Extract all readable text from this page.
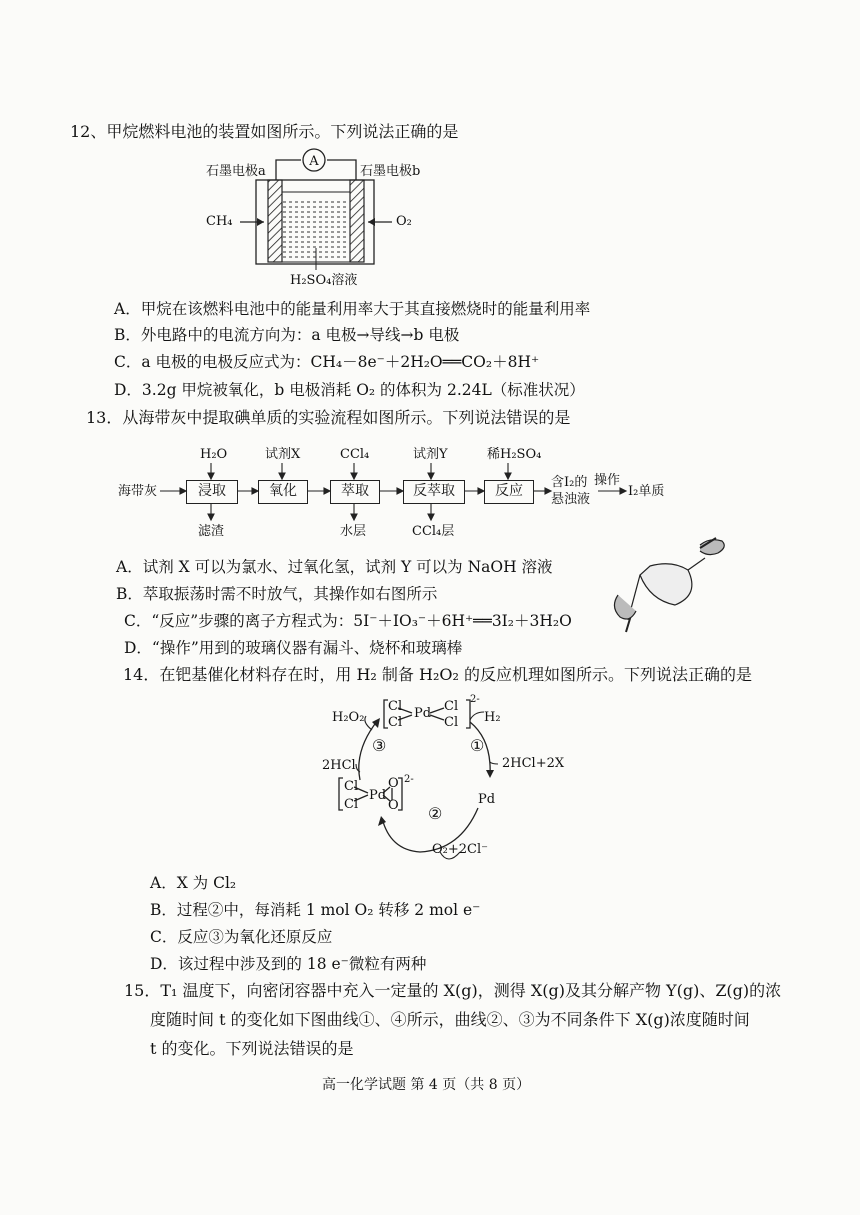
12、甲烷燃料电池的装置如图所示。下列说法正确的是
A
石墨电极a	石墨电极b
CH₄	O₂
H₂SO₄溶液
A．甲烷在该燃料电池中的能量利用率大于其直接燃烧时的能量利用率
B．外电路中的电流方向为：a 电极→导线→b 电极
C．a 电极的电极反应式为：CH₄－8e⁻＋2H₂O══CO₂＋8H⁺
D．3.2g 甲烷被氧化，b 电极消耗 O₂ 的体积为 2.24L（标准状况）
13．从海带灰中提取碘单质的实验流程如图所示。下列说法错误的是
H₂O	试剂X	CCl₄	试剂Y	稀H₂SO₄
海带灰	浸取	氧化	萃取	反萃取	反应
含I₂的
悬浊液
操作
I₂单质
滤渣	水层	CCl₄层
A．试剂 X 可以为氯水、过氧化氢，试剂 Y 可以为 NaOH 溶液
B．萃取振荡时需不时放气，其操作如右图所示
C．“反应”步骤的离子方程式为：5I⁻＋IO₃⁻＋6H⁺══3I₂＋3H₂O
D．“操作”用到的玻璃仪器有漏斗、烧杯和玻璃棒
14．在钯基催化材料存在时，用 H₂ 制备 H₂O₂ 的反应机理如图所示。下列说法正确的是
H₂O₂	H₂
2HCl	2HCl+2X
Pd
O₂+2Cl⁻
③	①
②
Cl
Cl
Pd Cl
Cl
2-
Cl
Cl
Pd
O
O
2-
A．X 为 Cl₂
B．过程②中，每消耗 1 mol O₂ 转移 2 mol e⁻
C．反应③为氧化还原反应
D．该过程中涉及到的 18 e⁻微粒有两种
15．T₁ 温度下，向密闭容器中充入一定量的 X(g)，测得 X(g)及其分解产物 Y(g)、Z(g)的浓
度随时间 t 的变化如下图曲线①、④所示，曲线②、③为不同条件下 X(g)浓度随时间
t 的变化。下列说法错误的是
高一化学试题 第 4 页（共 8 页）
